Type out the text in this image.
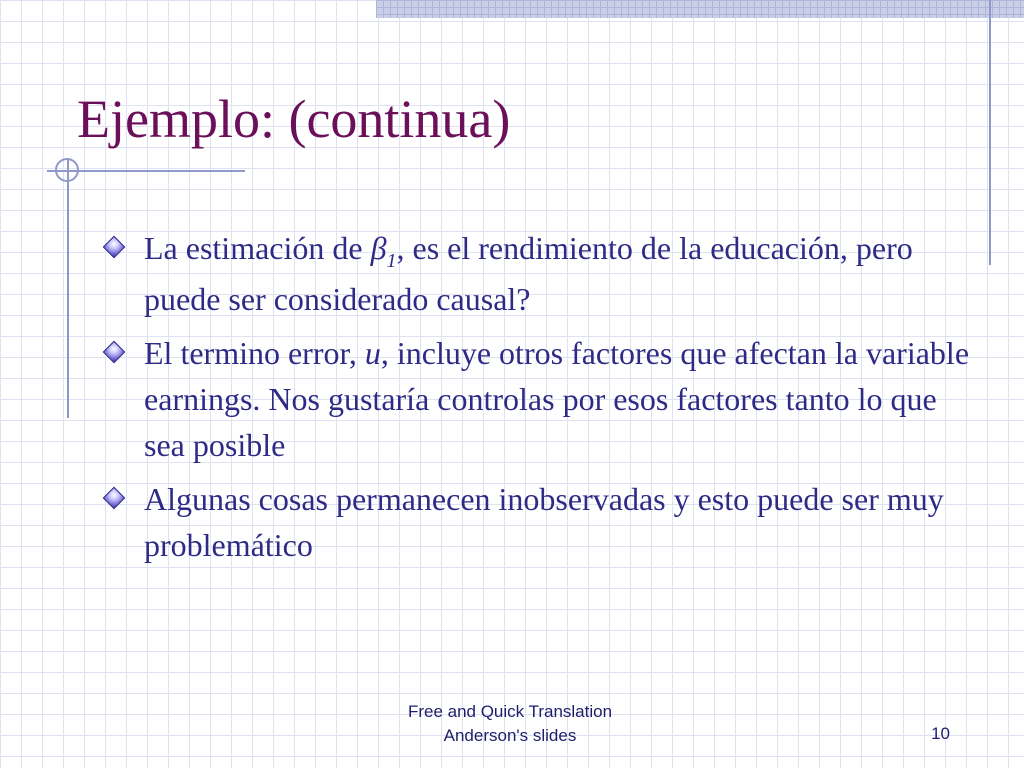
Ejemplo: (continua)
La estimación de $\beta_1$, es el rendimiento de la educación, pero puede ser considerado causal?
El termino error, u, incluye otros factores que afectan la variable earnings. Nos gustaría controlas por esos factores tanto lo que sea posible
Algunas cosas permanecen inobservadas y esto puede ser muy problemático
Free and Quick Translation
Anderson's slides	10
